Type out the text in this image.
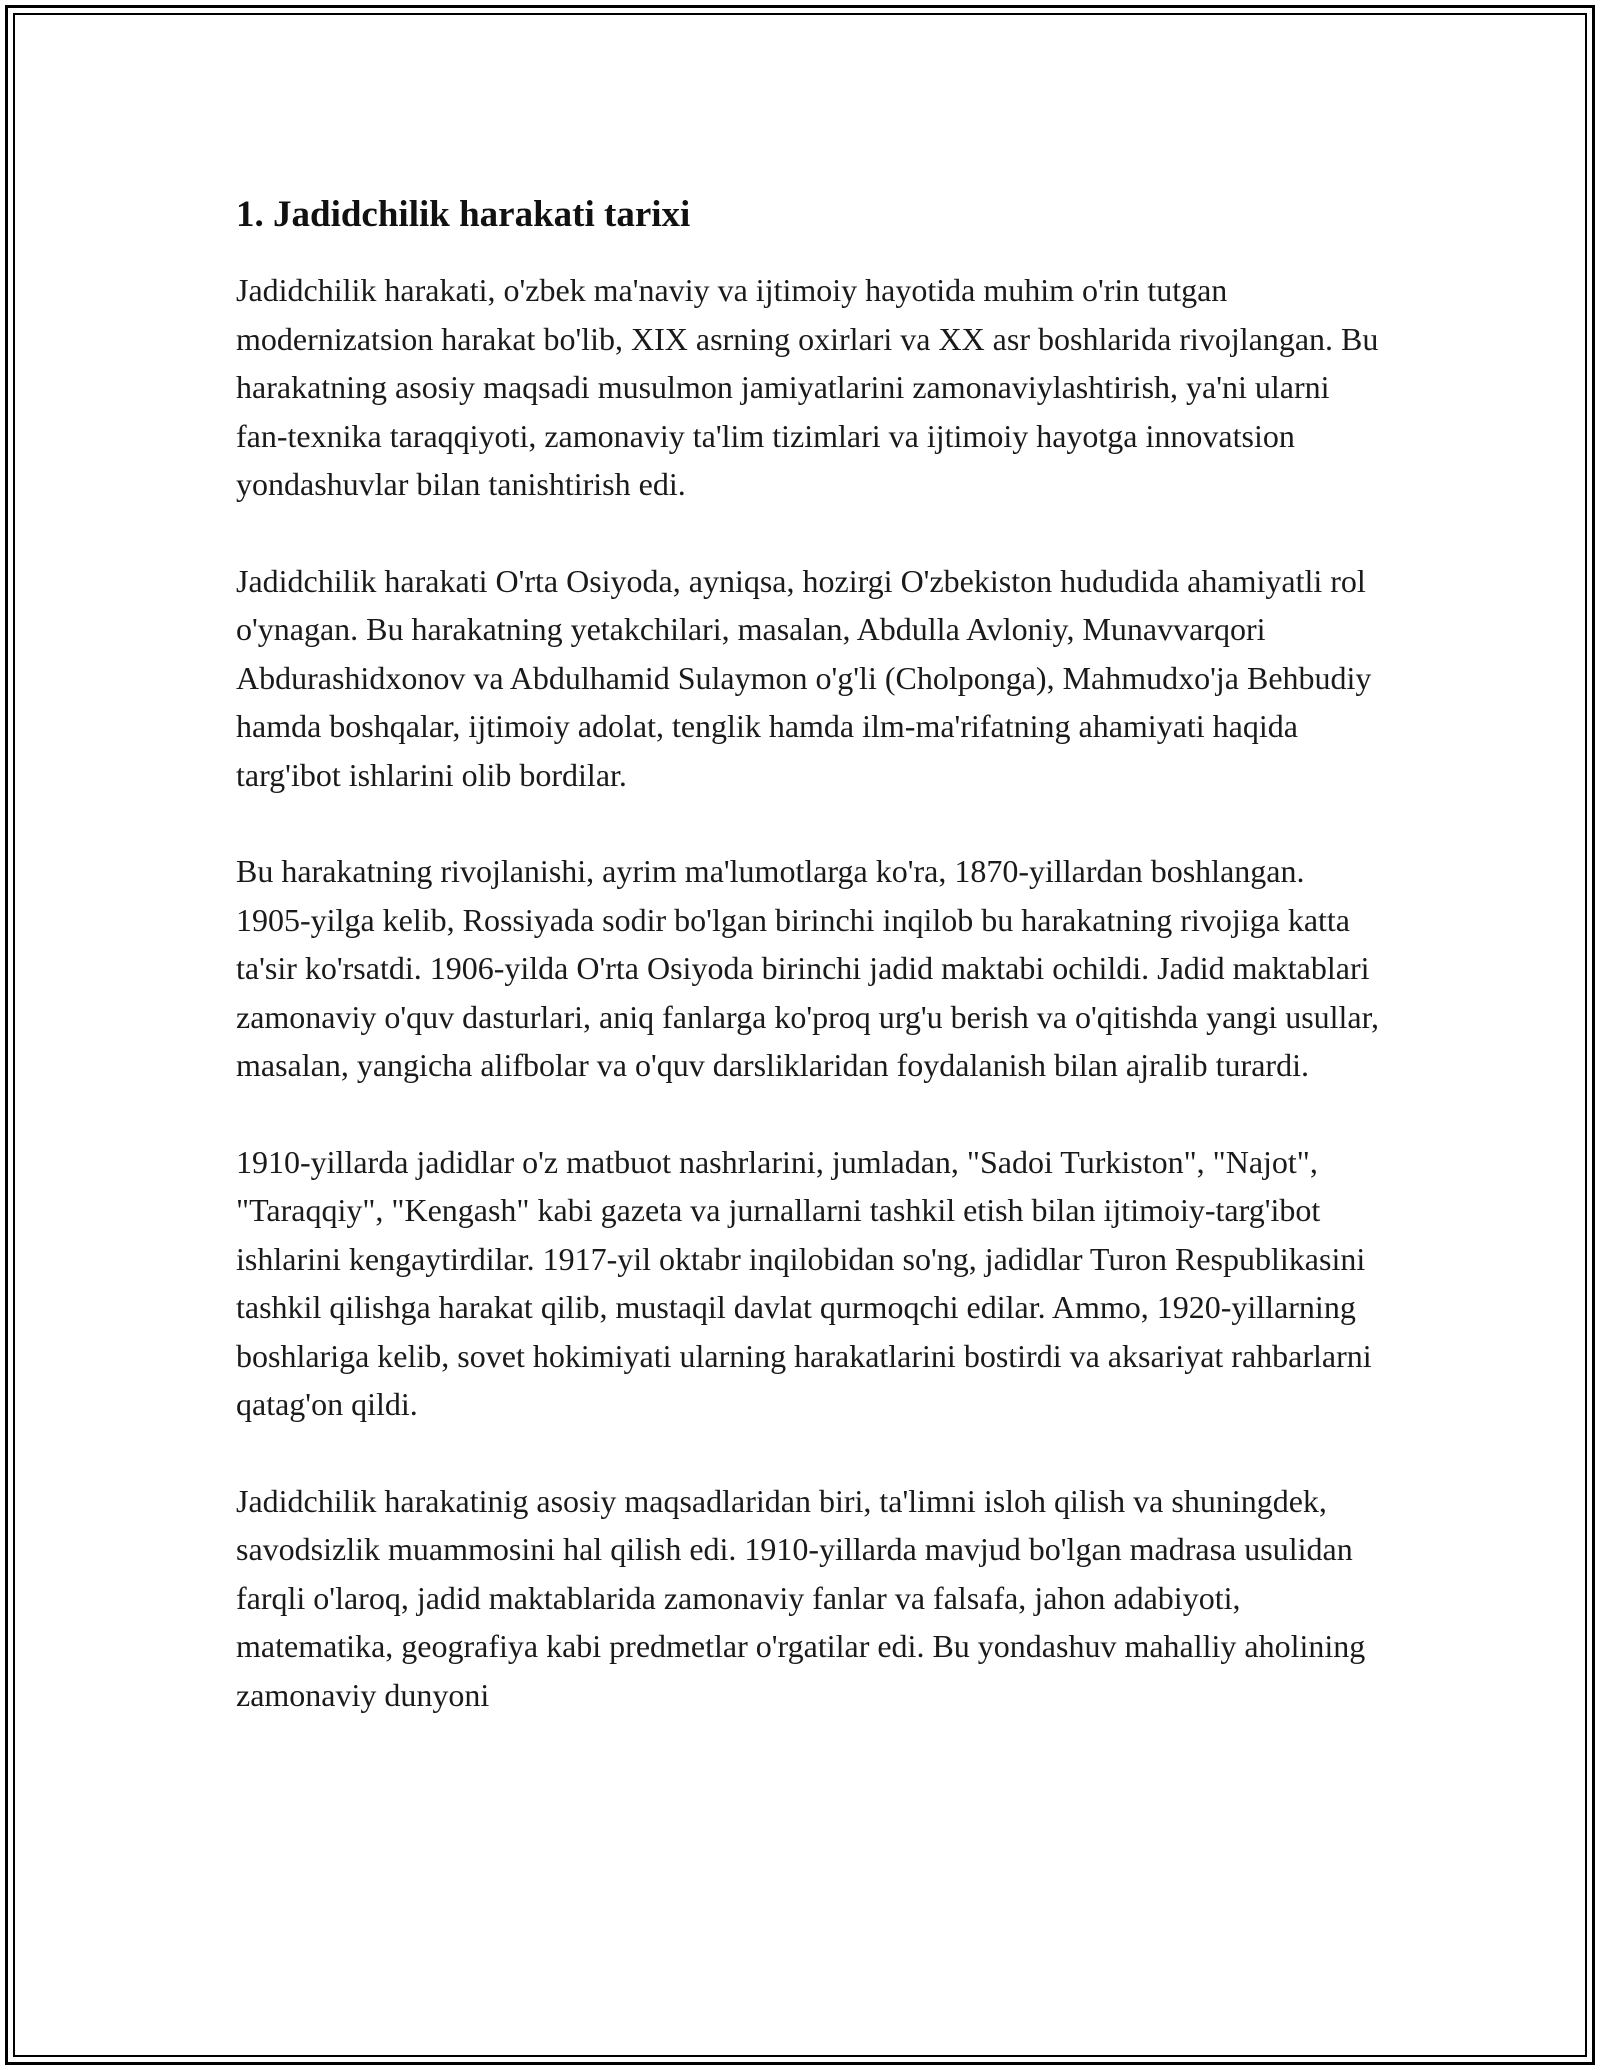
1. Jadidchilik harakati tarixi

Jadidchilik harakati, o'zbek ma'naviy va ijtimoiy hayotida muhim o'rin tutgan modernizatsion harakat bo'lib, XIX asrning oxirlari va XX asr boshlarida rivojlangan. Bu harakatning asosiy maqsadi musulmon jamiyatlarini zamonaviylashtirish, ya'ni ularni fan-texnika taraqqiyoti, zamonaviy ta'lim tizimlari va ijtimoiy hayotga innovatsion yondashuvlar bilan tanishtirish edi.

Jadidchilik harakati O'rta Osiyoda, ayniqsa, hozirgi O'zbekiston hududida ahamiyatli rol o'ynagan. Bu harakatning yetakchilari, masalan, Abdulla Avloniy, Munavvarqori Abdurashidxonov va Abdulhamid Sulaymon o'g'li (Cholponga), Mahmudxo'ja Behbudiy hamda boshqalar, ijtimoiy adolat, tenglik hamda ilm-ma'rifatning ahamiyati haqida targ'ibot ishlarini olib bordilar.

Bu harakatning rivojlanishi, ayrim ma'lumotlarga ko'ra, 1870-yillardan boshlangan. 1905-yilga kelib, Rossiyada sodir bo'lgan birinchi inqilob bu harakatning rivojiga katta ta'sir ko'rsatdi. 1906-yilda O'rta Osiyoda birinchi jadid maktabi ochildi. Jadid maktablari zamonaviy o'quv dasturlari, aniq fanlarga ko'proq urg'u berish va o'qitishda yangi usullar, masalan, yangicha alifbolar va o'quv darsliklaridan foydalanish bilan ajralib turardi.

1910-yillarda jadidlar o'z matbuot nashrlarini, jumladan, "Sadoi Turkiston", "Najot", "Taraqqiy", "Kengash" kabi gazeta va jurnallarni tashkil etish bilan ijtimoiy-targ'ibot ishlarini kengaytirdilar. 1917-yil oktabr inqilobidan so'ng, jadidlar Turon Respublikasini tashkil qilishga harakat qilib, mustaqil davlat qurmoqchi edilar. Ammo, 1920-yillarning boshlariga kelib, sovet hokimiyati ularning harakatlarini bostirdi va aksariyat rahbarlarni qatag'on qildi.

Jadidchilik harakatinig asosiy maqsadlaridan biri, ta'limni isloh qilish va shuningdek, savodsizlik muammosini hal qilish edi. 1910-yillarda mavjud bo'lgan madrasa usulidan farqli o'laroq, jadid maktablarida zamonaviy fanlar va falsafa, jahon adabiyoti, matematika, geografiya kabi predmetlar o'rgatilar edi. Bu yondashuv mahalliy aholining zamonaviy dunyoni
